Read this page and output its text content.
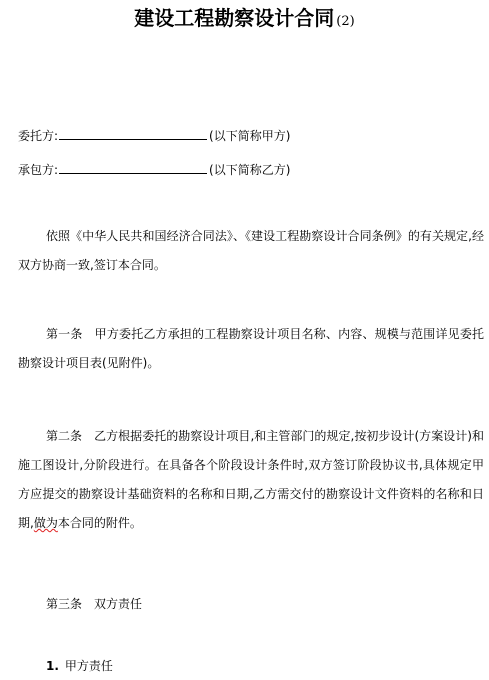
建设工程勘察设计合同 (2)
委托方:	(以下简称甲方)
承包方:	(以下简称乙方)
依照《中华人民共和国经济合同法》、《建设工程勘察设计合同条例》的有关规定,经双方协商一致,签订本合同。
第一条　甲方委托乙方承担的工程勘察设计项目名称、内容、规模与范围详见委托勘察设计项目表(见附件)。
第二条　乙方根据委托的勘察设计项目,和主管部门的规定,按初步设计(方案设计)和施工图设计,分阶段进行。在具备各个阶段设计条件时,双方签订阶段协议书,具体规定甲方应提交的勘察设计基础资料的名称和日期,乙方需交付的勘察设计文件资料的名称和日期,做为本合同的附件。
第三条　双方责任
1. 甲方责任
